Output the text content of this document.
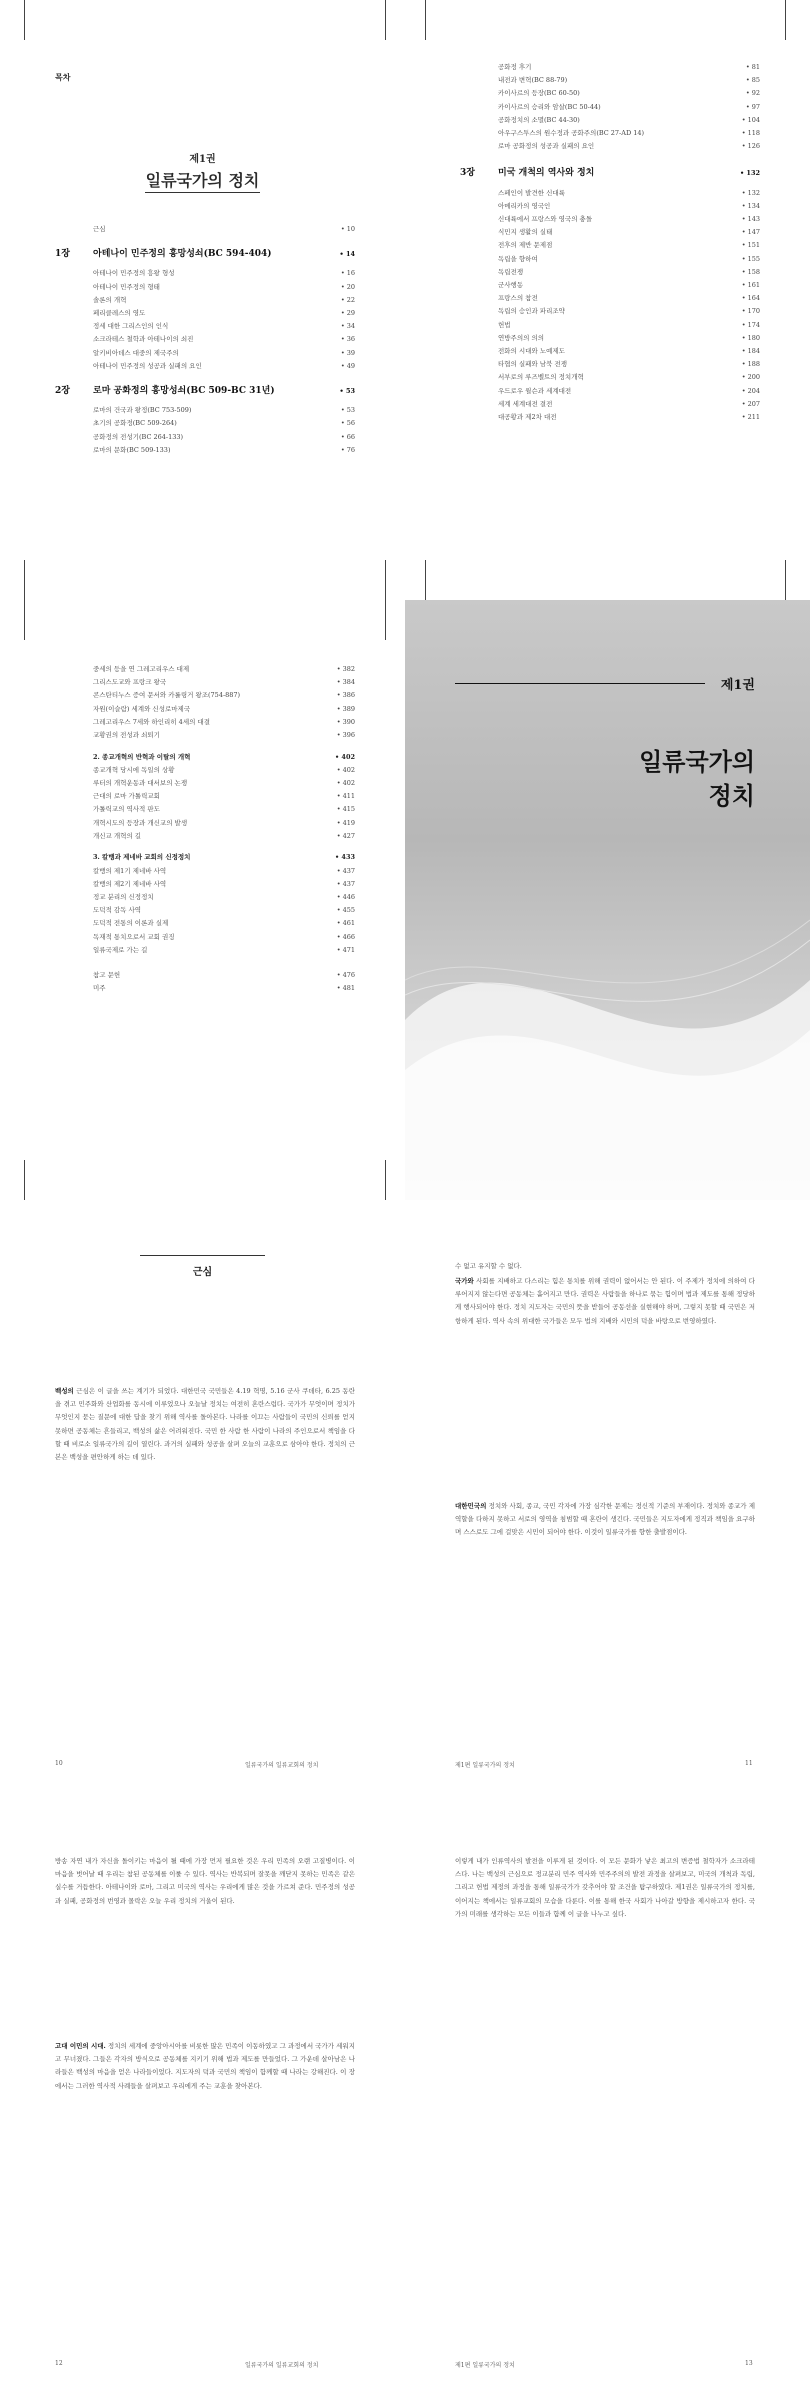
목차
제1권
일류국가의 정치
근심	• 10
1장	아테나이 민주정의 흥망성쇠(BC 594-404)	• 14
아테나이 민주정의 흥왕 형성	• 16
아테나이 민주정의 형태	• 20
솔론의 개혁	• 22
페리클레스의 영도	• 29
정세 대한 그리스인의 인식	• 34
소크라테스 철학과 아테나이의 쇠진	• 36
알키비아데스 대중의 제국주의	• 39
아테나이 민주정의 성공과 실패의 요인	• 49
2장	로마 공화정의 흥망성쇠(BC 509-BC 31년)	• 53
로마의 건국과 왕정(BC 753-509)	• 53
초기의 공화정(BC 509-264)	• 56
공화정의 전성기(BC 264-133)	• 66
로마의 문화(BC 509-133)	• 76
공화정 후기	• 81
내전과 변혁(BC 88-79)	• 85
카이사르의 등장(BC 60-50)	• 92
카이사르의 승리와 암살(BC 50-44)	• 97
공화정치의 소멸(BC 44-30)	• 104
아우구스투스의 원수정과 공화주의(BC 27-AD 14)	• 118
로마 공화정의 성공과 실패의 요인	• 126
3장	미국 개척의 역사와 정치	• 132
스페인이 발견한 신대륙	• 132
아메리카의 영국인	• 134
신대륙에서 프랑스와 영국의 충돌	• 143
식민지 생활의 실태	• 147
전후의 제반 문제점	• 151
독립을 향하여	• 155
독립전쟁	• 158
군사행동	• 161
프랑스의 참전	• 164
독립의 승인과 파리조약	• 170
헌법	• 174
연방주의의 의의	• 180
전화의 시대와 노예제도	• 184
타협의 실패와 남북 전쟁	• 188
서부로의 루즈벨트의 정치개혁	• 200
우드로우 윌슨과 세계대전	• 204
세계 세계대전 결전	• 207
대공황과 제2차 대전	• 211
중세의 등을 연 그레고리우스 대제	• 382
그리스도교와 프랑크 왕국	• 384
콘스탄티누스 증여 문서와 카롤링거 왕조(754-887)	• 386
자원(이슬람) 세계와 신성로마제국	• 389
그레고리우스 7세와 하인리히 4세의 대결	• 390
교황권의 전성과 쇠퇴기	• 396
2. 종교개혁의 반혁과 이탈의 개혁	• 402
종교개혁 당시에 독일의 상황	• 402
루터의 개혁운동과 대서보의 논쟁	• 402
근대의 로마 가톨릭교회	• 411
가톨릭교의 역사적 판도	• 415
개혁시도의 등장과 개신교의 발생	• 419
개신교 개혁의 길	• 427
3. 칼뱅과 제네바 교회의 신정정치	• 433
칼뱅의 제1기 제네바 사역	• 437
칼뱅의 제2기 제네바 사역	• 437
정교 분리의 신정정치	• 446
도덕적 감독 사역	• 455
도덕적 전통의 이론과 실제	• 461
독재적 통치으로서 교회 권징	• 466
일류국제로 가는 길	• 471
참고 문헌	• 476
미주	• 481
제1권
일류국가의
정치
근심
백성의 근심은 이 글을 쓰는 계기가 되었다. 대한민국 국민들은 4.19 혁명, 5.16 군사 쿠데타, 6.25 동란을 겪고 민주화와 산업화를 동시에 이루었으나 오늘날 정치는 여전히 혼란스럽다. 국가가 무엇이며 정치가 무엇인지 묻는 질문에 대한 답을 찾기 위해 역사를 돌아본다. 나라를 이끄는 사람들이 국민의 신뢰를 얻지 못하면 공동체는 흔들리고, 백성의 삶은 어려워진다. 국민 한 사람 한 사람이 나라의 주인으로서 책임을 다할 때 비로소 일류국가의 길이 열린다. 과거의 실패와 성공을 살펴 오늘의 교훈으로 삼아야 한다. 정치의 근본은 백성을 편안하게 하는 데 있다.
10	일류국가의 일류교회의 정치
수 없고 유지할 수 없다.
국가와 사회를 지배하고 다스리는 힘은 통치를 위해 권력이 없어서는 안 된다. 이 주제가 정치에 의하여 다루어지지 않는다면 공동체는 흩어지고 만다. 권력은 사람들을 하나로 묶는 힘이며 법과 제도를 통해 정당하게 행사되어야 한다. 정치 지도자는 국민의 뜻을 받들어 공동선을 실현해야 하며, 그렇지 못할 때 국민은 저항하게 된다. 역사 속의 위대한 국가들은 모두 법의 지배와 시민의 덕을 바탕으로 번영하였다.
대한민국의 정치와 사회, 종교, 국민 각자에 가장 심각한 문제는 정신적 기준의 부재이다. 정치와 종교가 제 역할을 다하지 못하고 서로의 영역을 침범할 때 혼란이 생긴다. 국민들은 지도자에게 정직과 책임을 요구하며 스스로도 그에 걸맞은 시민이 되어야 한다. 이것이 일류국가를 향한 출발점이다.
제1편 일류국가의 정치	11
방송 자연 내가 자신을 돌이키는 마음이 될 때에 가장 먼저 필요한 것은 우리 민족의 오랜 고질병이다. 이 마음을 벗어날 때 우리는 참된 공동체를 이룰 수 있다. 역사는 반복되며 잘못을 깨닫지 못하는 민족은 같은 실수를 거듭한다. 아테나이와 로마, 그리고 미국의 역사는 우리에게 많은 것을 가르쳐 준다. 민주정의 성공과 실패, 공화정의 번영과 몰락은 오늘 우리 정치의 거울이 된다.
고대 이민의 시대. 정치의 세계에 중앙아시아를 비롯한 많은 민족이 이동하였고 그 과정에서 국가가 세워지고 무너졌다. 그들은 각자의 방식으로 공동체를 지키기 위해 법과 제도를 만들었다. 그 가운데 살아남은 나라들은 백성의 마음을 얻은 나라들이었다. 지도자의 덕과 국민의 책임이 함께할 때 나라는 강해진다. 이 장에서는 그러한 역사적 사례들을 살펴보고 우리에게 주는 교훈을 찾아본다.
12	일류국가의 일류교회의 정치
이렇게 내가 인류역사의 발전을 이루게 된 것이다. 이 모든 문화가 낳은 최고의 변증법 철학자가 소크라테스다. 나는 백성의 근심으로 정교분리 민주 역사와 민주주의의 발전 과정을 살펴보고, 미국의 개척과 독립, 그리고 헌법 제정의 과정을 통해 일류국가가 갖추어야 할 조건을 탐구하였다. 제1권은 일류국가의 정치를, 이어지는 책에서는 일류교회의 모습을 다룬다. 이를 통해 한국 사회가 나아갈 방향을 제시하고자 한다. 국가의 미래를 생각하는 모든 이들과 함께 이 글을 나누고 싶다.
제1편 일류국가의 정치	13
